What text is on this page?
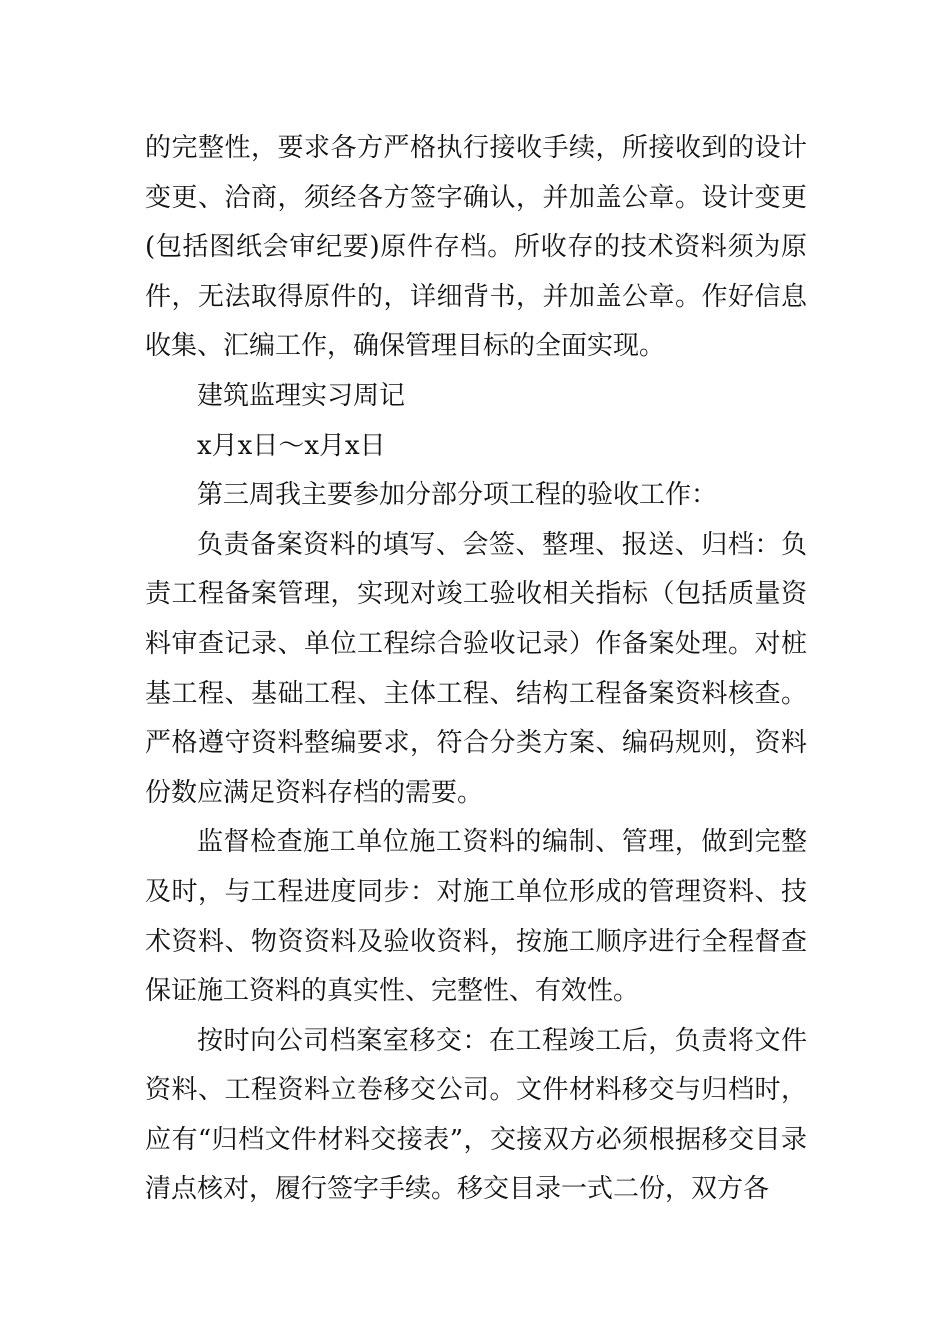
的完整性，要求各方严格执行接收手续，所接收到的设计变更、洽商，须经各方签字确认，并加盖公章。设计变更(包括图纸会审纪要)原件存档。所收存的技术资料须为原件，无法取得原件的，详细背书，并加盖公章。作好信息收集、汇编工作，确保管理目标的全面实现。

建筑监理实习周记

x月x日～x月x日

第三周我主要参加分部分项工程的验收工作：

负责备案资料的填写、会签、整理、报送、归档：负责工程备案管理，实现对竣工验收相关指标（包括质量资料审查记录、单位工程综合验收记录）作备案处理。对桩基工程、基础工程、主体工程、结构工程备案资料核查。严格遵守资料整编要求，符合分类方案、编码规则，资料份数应满足资料存档的需要。

监督检查施工单位施工资料的编制、管理，做到完整及时，与工程进度同步：对施工单位形成的管理资料、技术资料、物资资料及验收资料，按施工顺序进行全程督查保证施工资料的真实性、完整性、有效性。

按时向公司档案室移交：在工程竣工后，负责将文件资料、工程资料立卷移交公司。文件材料移交与归档时，应有“归档文件材料交接表”，交接双方必须根据移交目录清点核对，履行签字手续。移交目录一式二份，双方各
